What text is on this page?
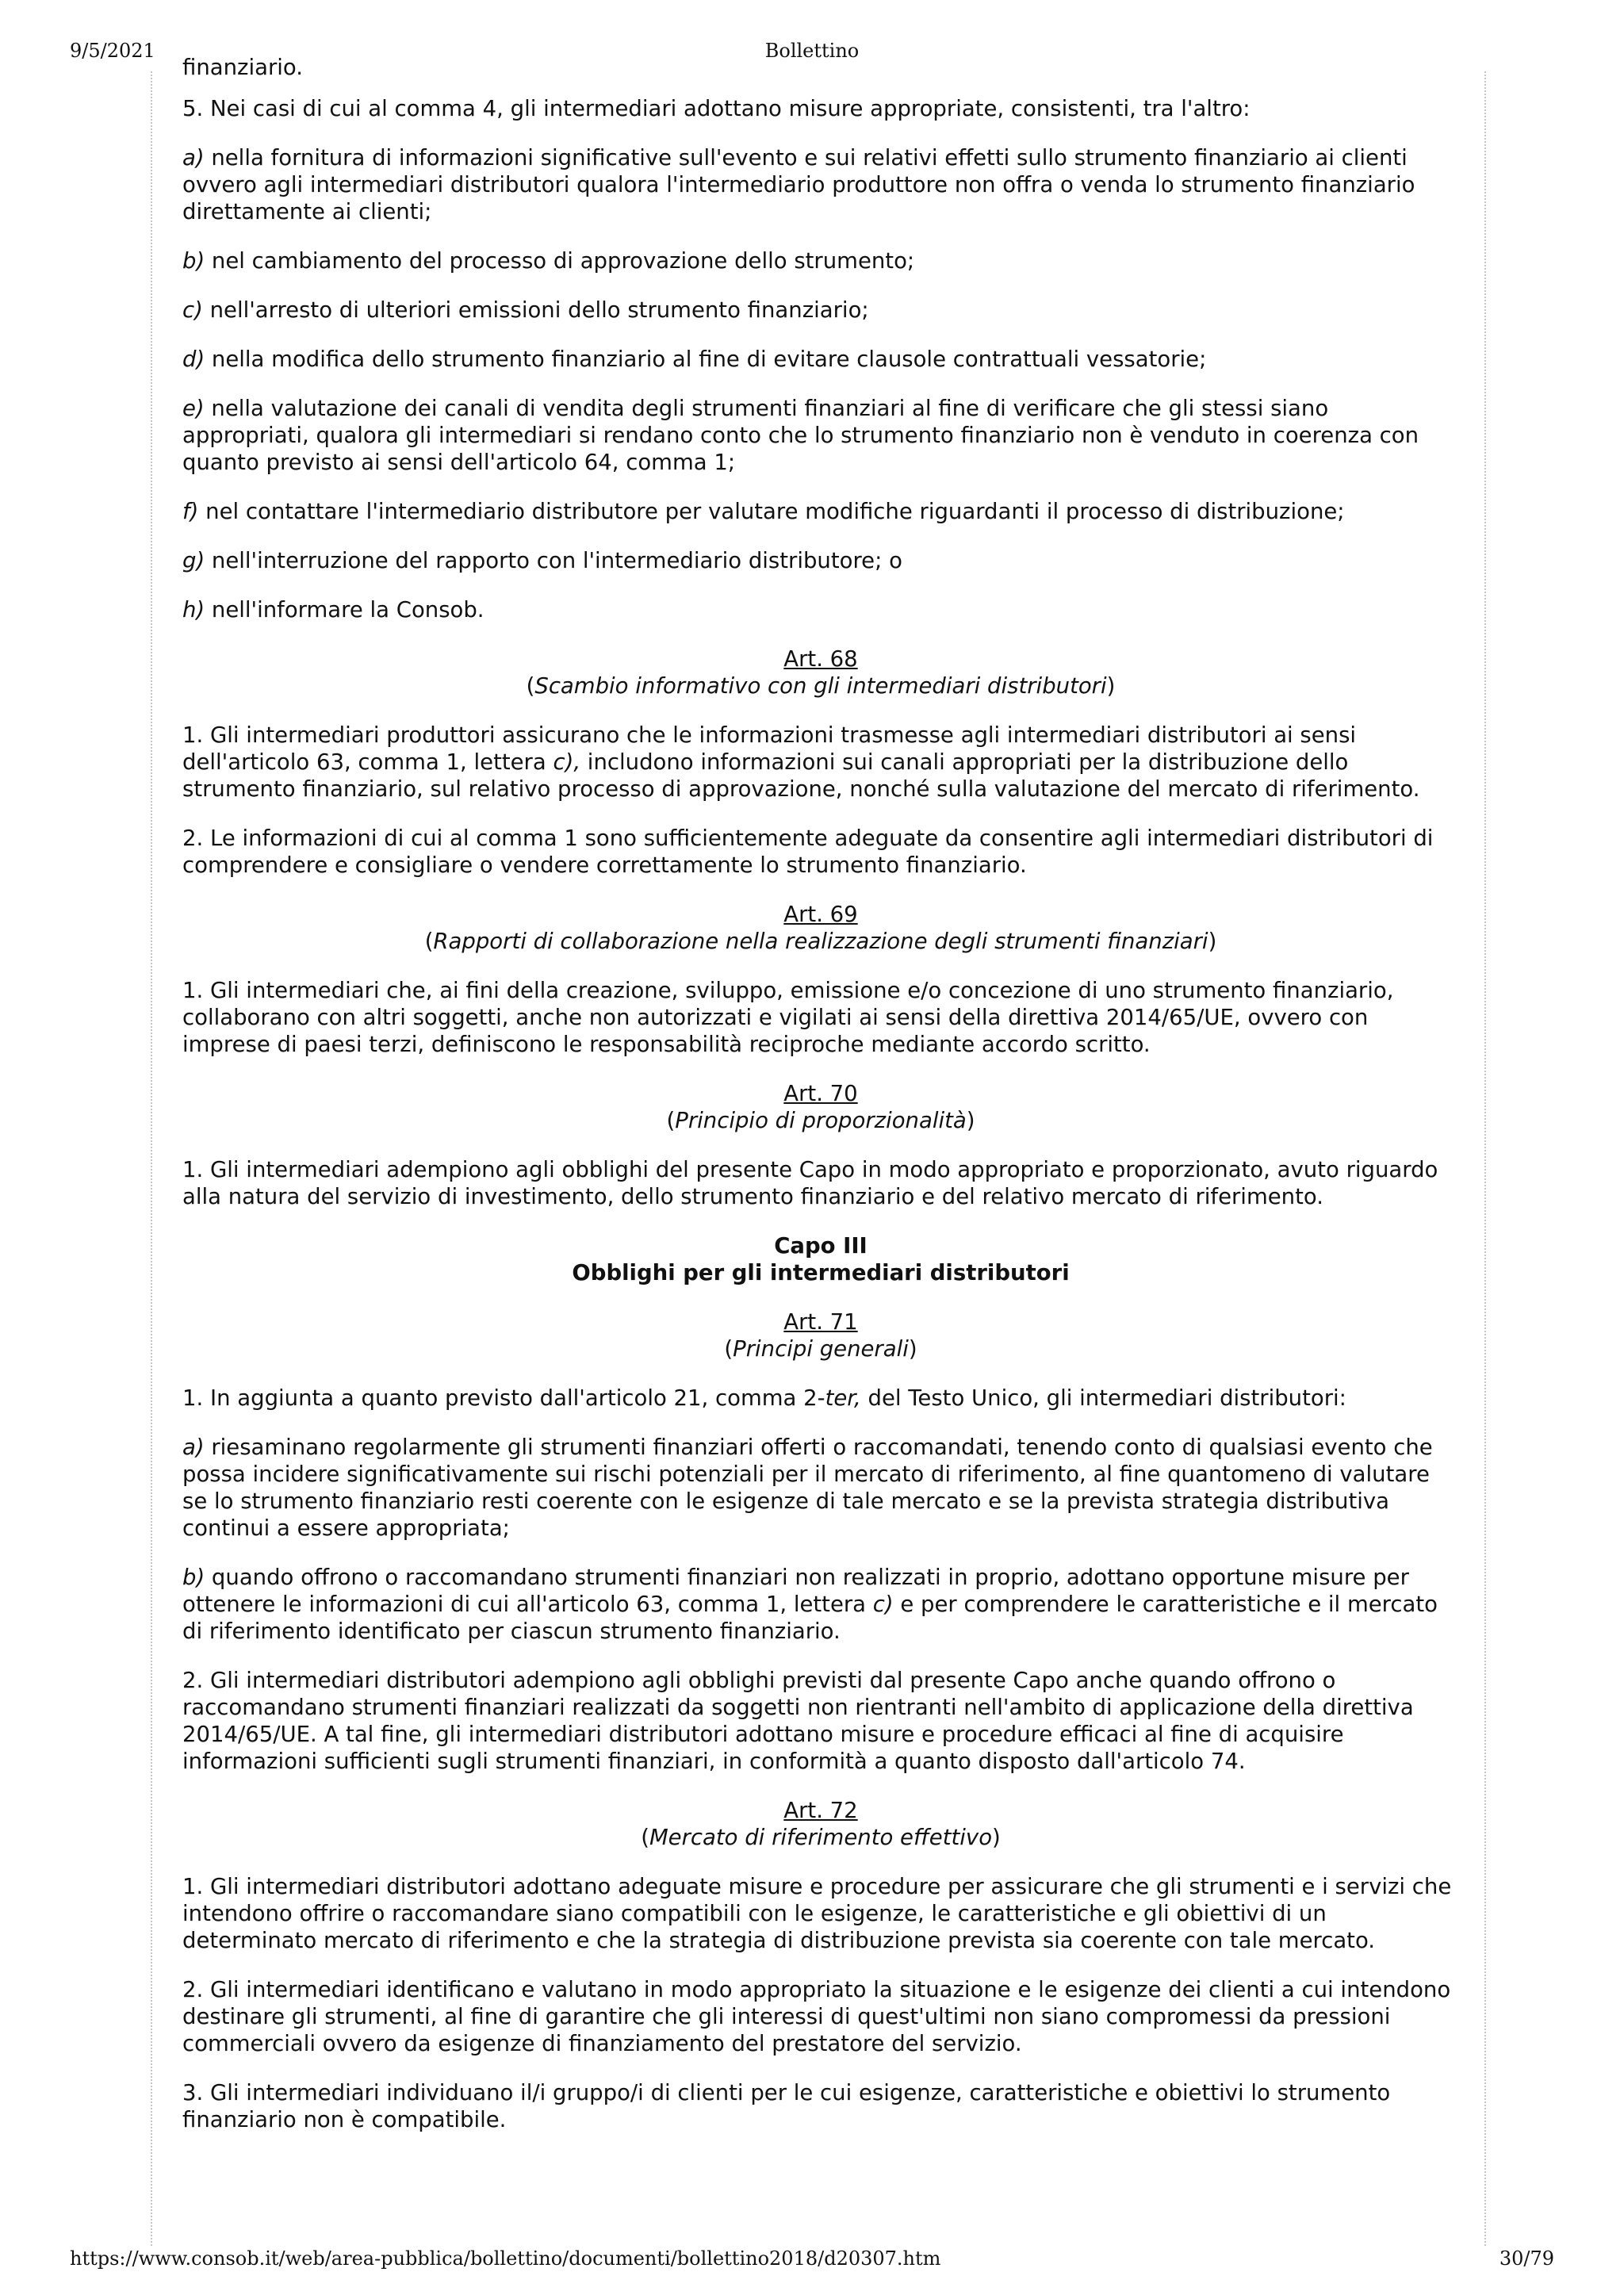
9/5/2021	Bollettino

finanziario.

5. Nei casi di cui al comma 4, gli intermediari adottano misure appropriate, consistenti, tra l'altro:

a) nella fornitura di informazioni significative sull'evento e sui relativi effetti sullo strumento finanziario ai clienti ovvero agli intermediari distributori qualora l'intermediario produttore non offra o venda lo strumento finanziario direttamente ai clienti;

b) nel cambiamento del processo di approvazione dello strumento;

c) nell'arresto di ulteriori emissioni dello strumento finanziario;

d) nella modifica dello strumento finanziario al fine di evitare clausole contrattuali vessatorie;

e) nella valutazione dei canali di vendita degli strumenti finanziari al fine di verificare che gli stessi siano appropriati, qualora gli intermediari si rendano conto che lo strumento finanziario non è venduto in coerenza con quanto previsto ai sensi dell'articolo 64, comma 1;

f) nel contattare l'intermediario distributore per valutare modifiche riguardanti il processo di distribuzione;

g) nell'interruzione del rapporto con l'intermediario distributore; o

h) nell'informare la Consob.

Art. 68
(Scambio informativo con gli intermediari distributori)

1. Gli intermediari produttori assicurano che le informazioni trasmesse agli intermediari distributori ai sensi dell'articolo 63, comma 1, lettera c), includono informazioni sui canali appropriati per la distribuzione dello strumento finanziario, sul relativo processo di approvazione, nonché sulla valutazione del mercato di riferimento.

2. Le informazioni di cui al comma 1 sono sufficientemente adeguate da consentire agli intermediari distributori di comprendere e consigliare o vendere correttamente lo strumento finanziario.

Art. 69
(Rapporti di collaborazione nella realizzazione degli strumenti finanziari)

1. Gli intermediari che, ai fini della creazione, sviluppo, emissione e/o concezione di uno strumento finanziario, collaborano con altri soggetti, anche non autorizzati e vigilati ai sensi della direttiva 2014/65/UE, ovvero con imprese di paesi terzi, definiscono le responsabilità reciproche mediante accordo scritto.

Art. 70
(Principio di proporzionalità)

1. Gli intermediari adempiono agli obblighi del presente Capo in modo appropriato e proporzionato, avuto riguardo alla natura del servizio di investimento, dello strumento finanziario e del relativo mercato di riferimento.

Capo III
Obblighi per gli intermediari distributori
Art. 71
(Principi generali)

1. In aggiunta a quanto previsto dall'articolo 21, comma 2-ter, del Testo Unico, gli intermediari distributori:

a) riesaminano regolarmente gli strumenti finanziari offerti o raccomandati, tenendo conto di qualsiasi evento che possa incidere significativamente sui rischi potenziali per il mercato di riferimento, al fine quantomeno di valutare se lo strumento finanziario resti coerente con le esigenze di tale mercato e se la prevista strategia distributiva continui a essere appropriata;

b) quando offrono o raccomandano strumenti finanziari non realizzati in proprio, adottano opportune misure per ottenere le informazioni di cui all'articolo 63, comma 1, lettera c) e per comprendere le caratteristiche e il mercato di riferimento identificato per ciascun strumento finanziario.

2. Gli intermediari distributori adempiono agli obblighi previsti dal presente Capo anche quando offrono o raccomandano strumenti finanziari realizzati da soggetti non rientranti nell'ambito di applicazione della direttiva 2014/65/UE. A tal fine, gli intermediari distributori adottano misure e procedure efficaci al fine di acquisire informazioni sufficienti sugli strumenti finanziari, in conformità a quanto disposto dall'articolo 74.

Art. 72
(Mercato di riferimento effettivo)

1. Gli intermediari distributori adottano adeguate misure e procedure per assicurare che gli strumenti e i servizi che intendono offrire o raccomandare siano compatibili con le esigenze, le caratteristiche e gli obiettivi di un determinato mercato di riferimento e che la strategia di distribuzione prevista sia coerente con tale mercato.

2. Gli intermediari identificano e valutano in modo appropriato la situazione e le esigenze dei clienti a cui intendono destinare gli strumenti, al fine di garantire che gli interessi di quest'ultimi non siano compromessi da pressioni commerciali ovvero da esigenze di finanziamento del prestatore del servizio.

3. Gli intermediari individuano il/i gruppo/i di clienti per le cui esigenze, caratteristiche e obiettivi lo strumento finanziario non è compatibile.

https://www.consob.it/web/area-pubblica/bollettino/documenti/bollettino2018/d20307.htm	30/79
